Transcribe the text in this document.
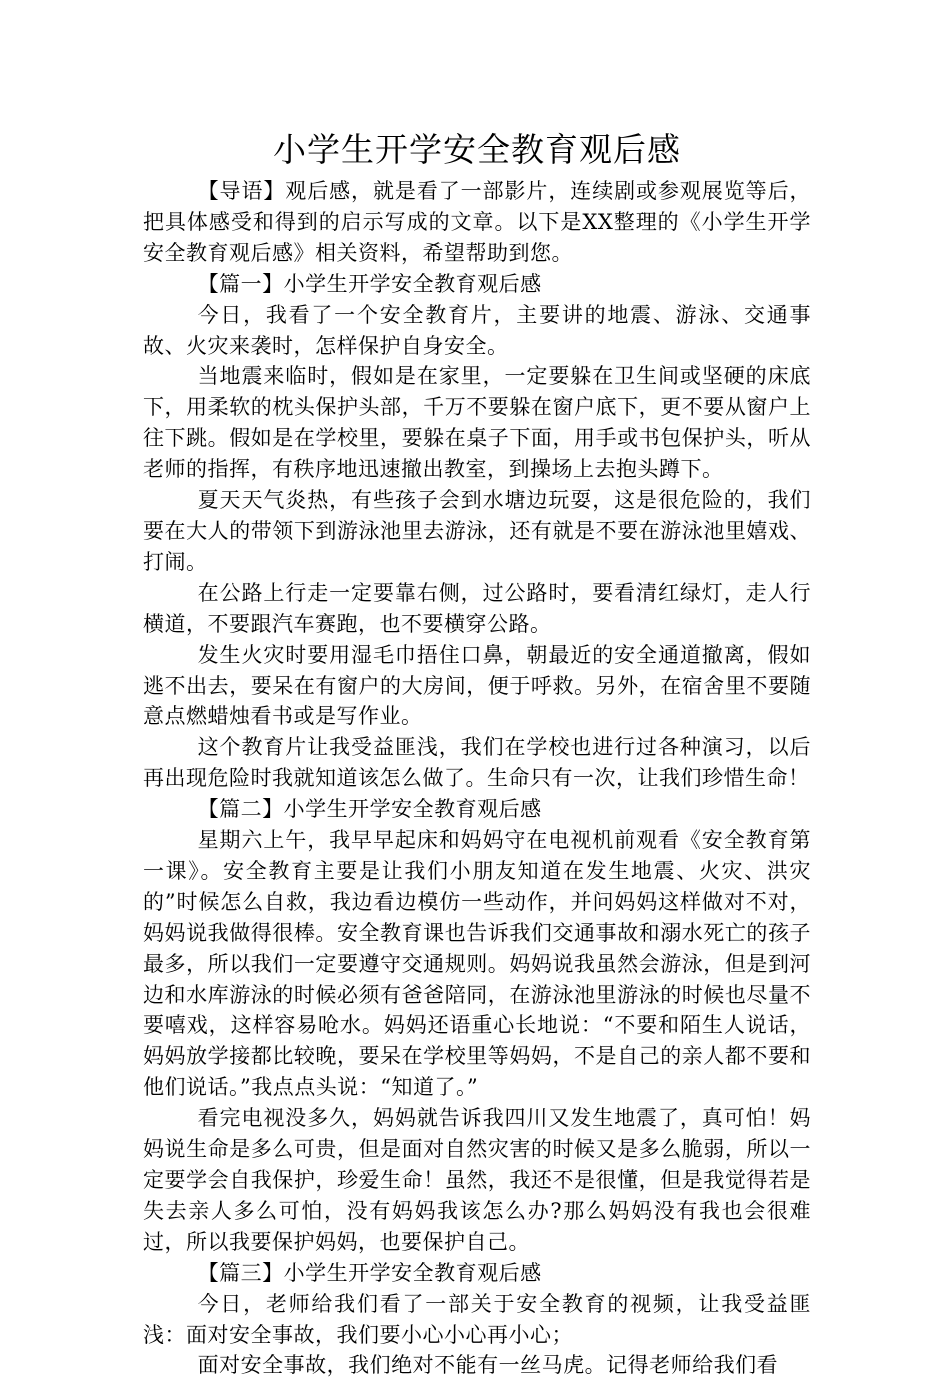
小学生开学安全教育观后感

【导语】观后感，就是看了一部影片，连续剧或参观展览等后，把具体感受和得到的启示写成的文章。以下是XX整理的《小学生开学安全教育观后感》相关资料，希望帮助到您。

【篇一】小学生开学安全教育观后感

今日，我看了一个安全教育片，主要讲的地震、游泳、交通事故、火灾来袭时，怎样保护自身安全。

当地震来临时，假如是在家里，一定要躲在卫生间或坚硬的床底下，用柔软的枕头保护头部，千万不要躲在窗户底下，更不要从窗户上往下跳。假如是在学校里，要躲在桌子下面，用手或书包保护头，听从老师的指挥，有秩序地迅速撤出教室，到操场上去抱头蹲下。

夏天天气炎热，有些孩子会到水塘边玩耍，这是很危险的，我们要在大人的带领下到游泳池里去游泳，还有就是不要在游泳池里嬉戏、打闹。

在公路上行走一定要靠右侧，过公路时，要看清红绿灯，走人行横道，不要跟汽车赛跑，也不要横穿公路。

发生火灾时要用湿毛巾捂住口鼻，朝最近的安全通道撤离，假如逃不出去，要呆在有窗户的大房间，便于呼救。另外，在宿舍里不要随意点燃蜡烛看书或是写作业。

这个教育片让我受益匪浅，我们在学校也进行过各种演习，以后再出现危险时我就知道该怎么做了。生命只有一次，让我们珍惜生命！

【篇二】小学生开学安全教育观后感

星期六上午，我早早起床和妈妈守在电视机前观看《安全教育第一课》。安全教育主要是让我们小朋友知道在发生地震、火灾、洪灾的”时候怎么自救，我边看边模仿一些动作，并问妈妈这样做对不对，妈妈说我做得很棒。安全教育课也告诉我们交通事故和溺水死亡的孩子最多，所以我们一定要遵守交通规则。妈妈说我虽然会游泳，但是到河边和水库游泳的时候必须有爸爸陪同，在游泳池里游泳的时候也尽量不要嘻戏，这样容易呛水。妈妈还语重心长地说：“不要和陌生人说话，妈妈放学接都比较晚，要呆在学校里等妈妈，不是自己的亲人都不要和他们说话。”我点点头说：“知道了。”

看完电视没多久，妈妈就告诉我四川又发生地震了，真可怕！妈妈说生命是多么可贵，但是面对自然灾害的时候又是多么脆弱，所以一定要学会自我保护，珍爱生命！虽然，我还不是很懂，但是我觉得若是失去亲人多么可怕，没有妈妈我该怎么办?那么妈妈没有我也会很难过，所以我要保护妈妈，也要保护自己。

【篇三】小学生开学安全教育观后感

今日，老师给我们看了一部关于安全教育的视频，让我受益匪浅：面对安全事故，我们要小心小心再小心；

面对安全事故，我们绝对不能有一丝马虎。记得老师给我们看
